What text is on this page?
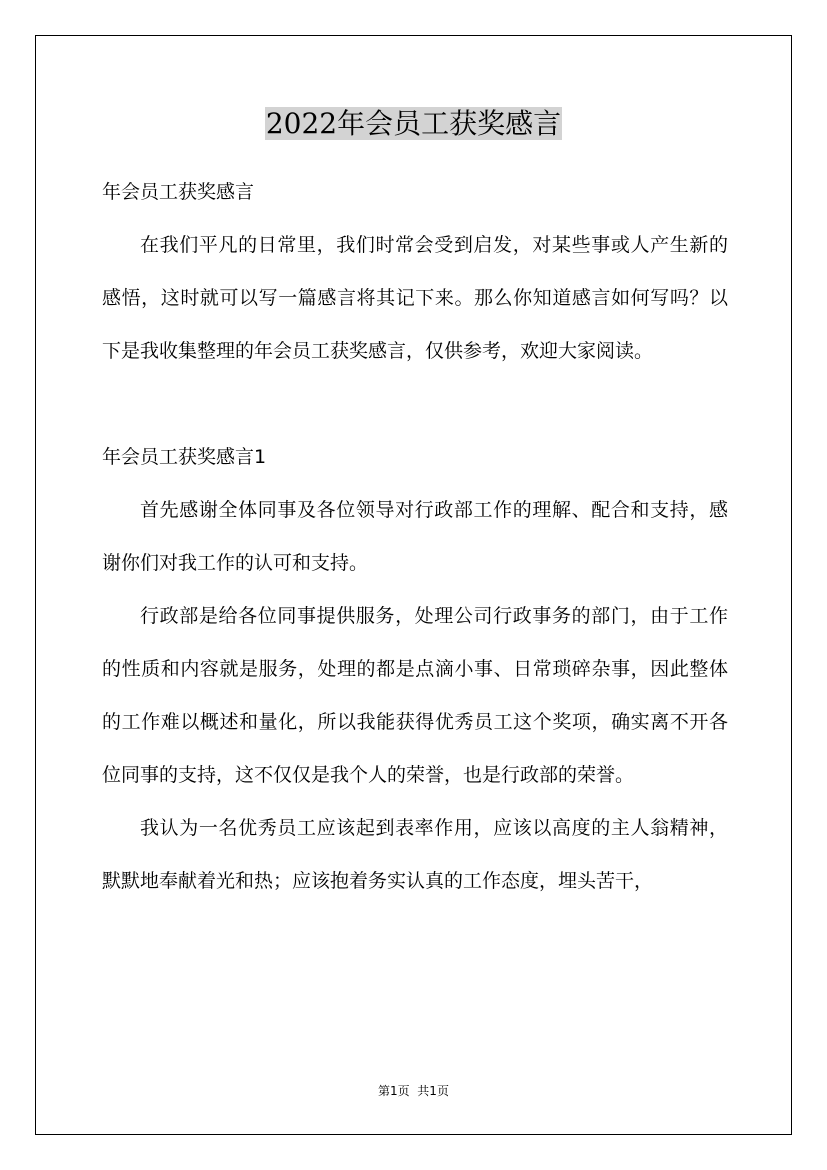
2022年会员工获奖感言

年会员工获奖感言

在我们平凡的日常里，我们时常会受到启发，对某些事或人产生新的感悟，这时就可以写一篇感言将其记下来。那么你知道感言如何写吗？以下是我收集整理的年会员工获奖感言，仅供参考，欢迎大家阅读。

年会员工获奖感言1

首先感谢全体同事及各位领导对行政部工作的理解、配合和支持，感谢你们对我工作的认可和支持。

行政部是给各位同事提供服务，处理公司行政事务的部门，由于工作的性质和内容就是服务，处理的都是点滴小事、日常琐碎杂事，因此整体的工作难以概述和量化，所以我能获得优秀员工这个奖项，确实离不开各位同事的支持，这不仅仅是我个人的荣誉，也是行政部的荣誉。

我认为一名优秀员工应该起到表率作用，应该以高度的主人翁精神，默默地奉献着光和热；应该抱着务实认真的工作态度，埋头苦干，

第1页  共1页
